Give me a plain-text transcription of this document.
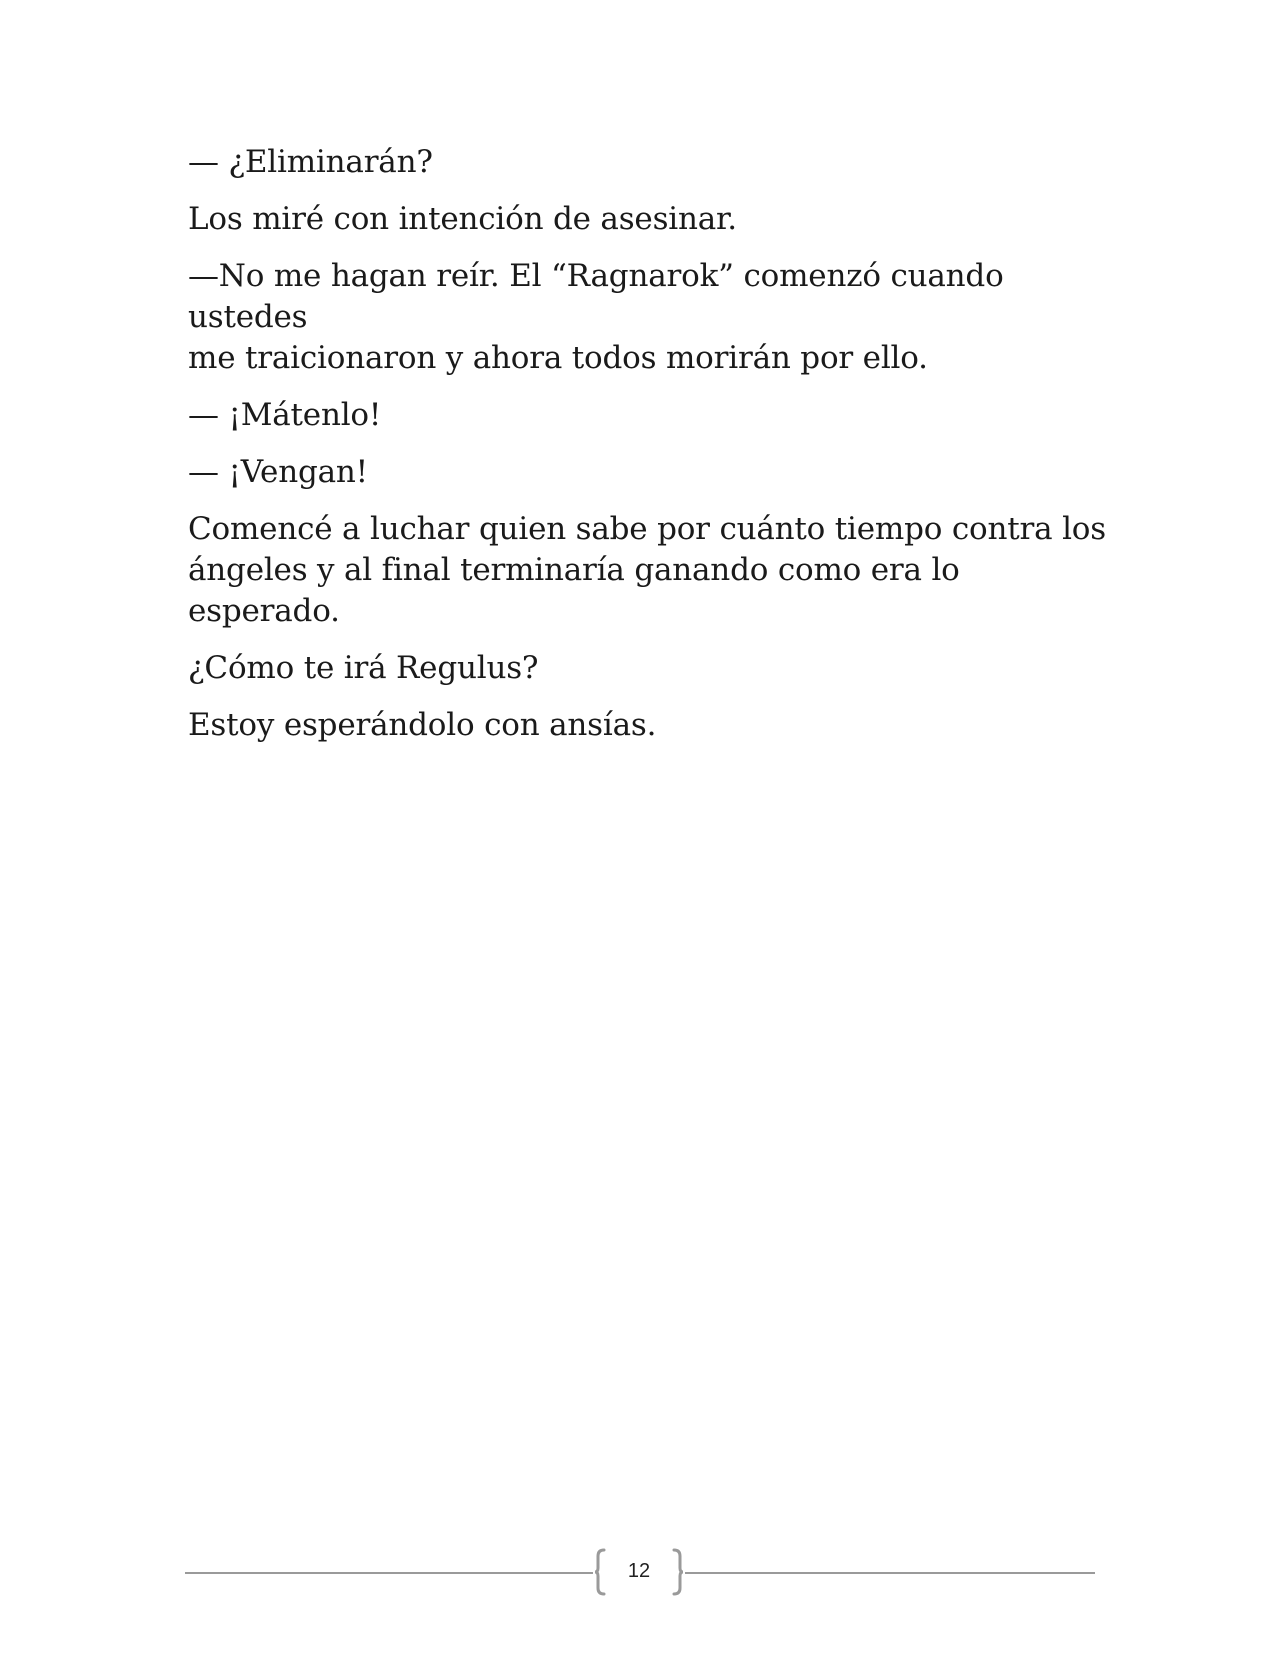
— ¿Eliminarán?

Los miré con intención de asesinar.

—No me hagan reír. El “Ragnarok” comenzó cuando ustedes
me traicionaron y ahora todos morirán por ello.

— ¡Mátenlo!

— ¡Vengan!

Comencé a luchar quien sabe por cuánto tiempo contra los
ángeles y al final terminaría ganando como era lo esperado.

¿Cómo te irá Regulus?

Estoy esperándolo con ansías.

12
